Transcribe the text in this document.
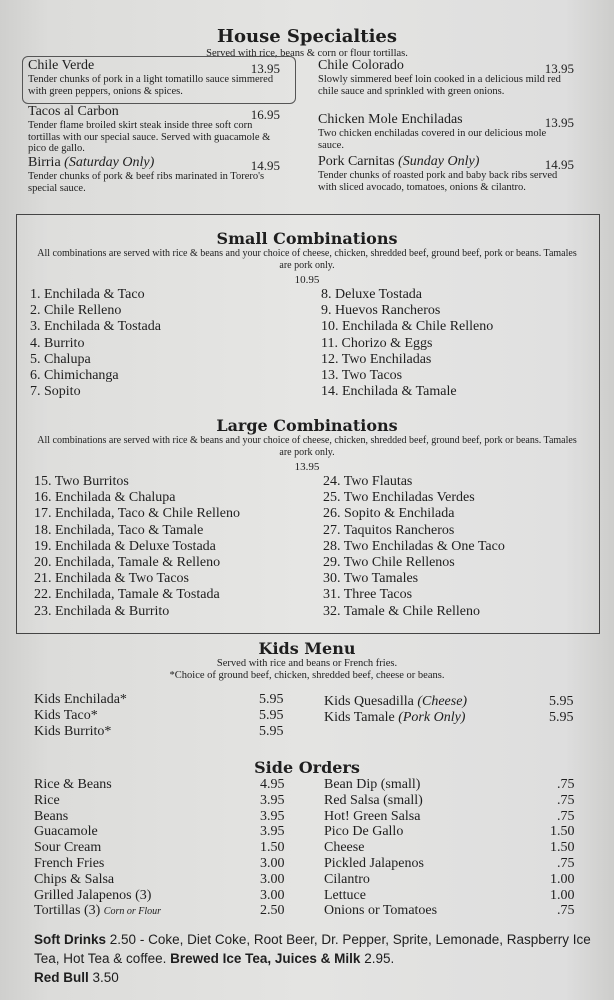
House Specialties
Served with rice, beans & corn or flour tortillas.
Chile Verde	13.95
Tender chunks of pork in a light tomatillo sauce simmered with green peppers, onions & spices.
Tacos al Carbon	16.95
Tender flame broiled skirt steak inside three soft corn tortillas with our special sauce. Served with guacamole & pico de gallo.
Birria (Saturday Only)	14.95
Tender chunks of pork & beef ribs marinated in Torero's special sauce.
Chile Colorado	13.95
Slowly simmered beef loin cooked in a delicious mild red chile sauce and sprinkled with green onions.
Chicken Mole Enchiladas	13.95
Two chicken enchiladas covered in our delicious mole sauce.
Pork Carnitas (Sunday Only)	14.95
Tender chunks of roasted pork and baby back ribs served with sliced avocado, tomatoes, onions & cilantro.
Small Combinations
All combinations are served with rice & beans and your choice of cheese, chicken, shredded beef, ground beef, pork or beans. Tamales are pork only.
10.95
1. Enchilada & Taco
2. Chile Relleno
3. Enchilada & Tostada
4. Burrito
5. Chalupa
6. Chimichanga
7. Sopito
8. Deluxe Tostada
9. Huevos Rancheros
10. Enchilada & Chile Relleno
11. Chorizo & Eggs
12. Two Enchiladas
13. Two Tacos
14. Enchilada & Tamale
Large Combinations
All combinations are served with rice & beans and your choice of cheese, chicken, shredded beef, ground beef, pork or beans. Tamales are pork only.
13.95
15. Two Burritos
16. Enchilada & Chalupa
17. Enchilada, Taco & Chile Relleno
18. Enchilada, Taco & Tamale
19. Enchilada & Deluxe Tostada
20. Enchilada, Tamale & Relleno
21. Enchilada & Two Tacos
22. Enchilada, Tamale & Tostada
23. Enchilada & Burrito
24. Two Flautas
25. Two Enchiladas Verdes
26. Sopito & Enchilada
27. Taquitos Rancheros
28. Two Enchiladas & One Taco
29. Two Chile Rellenos
30. Two Tamales
31. Three Tacos
32. Tamale & Chile Relleno
Kids Menu
Served with rice and beans or French fries.
*Choice of ground beef, chicken, shredded beef, cheese or beans.
Kids Enchilada*	5.95
Kids Taco*	5.95
Kids Burrito*	5.95
Kids Quesadilla (Cheese)	5.95
Kids Tamale (Pork Only)	5.95
Side Orders
Rice & Beans	4.95
Rice	3.95
Beans	3.95
Guacamole	3.95
Sour Cream	1.50
French Fries	3.00
Chips & Salsa	3.00
Grilled Jalapenos (3)	3.00
Tortillas (3) Corn or Flour	2.50
Bean Dip (small)	.75
Red Salsa (small)	.75
Hot! Green Salsa	.75
Pico De Gallo	1.50
Cheese	1.50
Pickled Jalapenos	.75
Cilantro	1.00
Lettuce	1.00
Onions or Tomatoes	.75
Soft Drinks 2.50 - Coke, Diet Coke, Root Beer, Dr. Pepper, Sprite, Lemonade, Raspberry Ice Tea, Hot Tea & coffee. Brewed Ice Tea, Juices & Milk 2.95.
Red Bull 3.50
